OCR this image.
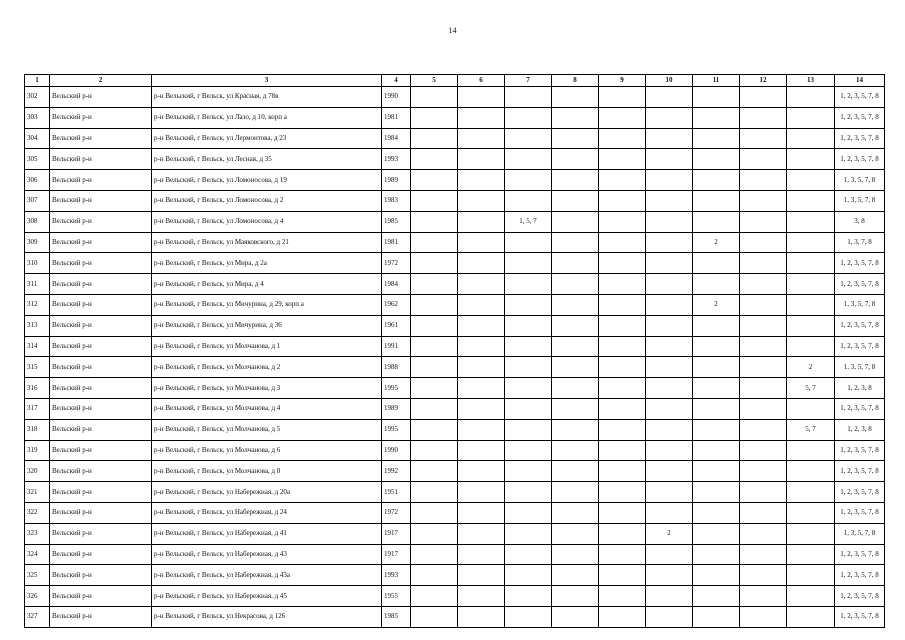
14
1	2	3	4	5	6	7	8	9	10	11	12	13	14
302	Вельский р-н	р-н Вельский, г Вельск, ул Красная, д 78в	1990										1, 2, 3, 5, 7, 8
303	Вельский р-н	р-н Вельский, г Вельск, ул Лазо, д 10, корп а	1981										1, 2, 3, 5, 7, 8
304	Вельский р-н	р-н Вельский, г Вельск, ул Лермонтова, д 23	1984										1, 2, 3, 5, 7, 8
305	Вельский р-н	р-н Вельский, г Вельск, ул Лесная, д 35	1993										1, 2, 3, 5, 7, 8
306	Вельский р-н	р-н Вельский, г Вельск, ул Ломоносова, д 19	1989										1, 3, 5, 7, 8
307	Вельский р-н	р-н Вельский, г Вельск, ул Ломоносова, д 2	1983										1, 3, 5, 7, 8
308	Вельский р-н	р-н Вельский, г Вельск, ул Ломоносова, д 4	1985			1, 5, 7							3, 8
309	Вельский р-н	р-н Вельский, г Вельск, ул Маяковского, д 21	1981							2			1, 3, 7, 8
310	Вельский р-н	р-н Вельский, г Вельск, ул Мира, д 2а	1972										1, 2, 3, 5, 7, 8
311	Вельский р-н	р-н Вельский, г Вельск, ул Мира, д 4	1984										1, 2, 3, 5, 7, 8
312	Вельский р-н	р-н Вельский, г Вельск, ул Мичурина, д 29, корп а	1962							2			1, 3, 5, 7, 8
313	Вельский р-н	р-н Вельский, г Вельск, ул Мичурина, д 36	1961										1, 2, 3, 5, 7, 8
314	Вельский р-н	р-н Вельский, г Вельск, ул Молчанова, д 1	1991										1, 2, 3, 5, 7, 8
315	Вельский р-н	р-н Вельский, г Вельск, ул Молчанова, д 2	1988									2	1, 3, 5, 7, 8
316	Вельский р-н	р-н Вельский, г Вельск, ул Молчанова, д 3	1995									5, 7	1, 2, 3, 8
317	Вельский р-н	р-н Вельский, г Вельск, ул Молчанова, д 4	1989										1, 2, 3, 5, 7, 8
318	Вельский р-н	р-н Вельский, г Вельск, ул Молчанова, д 5	1995									5, 7	1, 2, 3, 8
319	Вельский р-н	р-н Вельский, г Вельск, ул Молчанова, д 6	1990										1, 2, 3, 5, 7, 8
320	Вельский р-н	р-н Вельский, г Вельск, ул Молчанова, д 8	1992										1, 2, 3, 5, 7, 8
321	Вельский р-н	р-н Вельский, г Вельск, ул Набережная, д 20а	1951										1, 2, 3, 5, 7, 8
322	Вельский р-н	р-н Вельский, г Вельск, ул Набережная, д 24	1972										1, 2, 3, 5, 7, 8
323	Вельский р-н	р-н Вельский, г Вельск, ул Набережная, д 41	1917						2				1, 3, 5, 7, 8
324	Вельский р-н	р-н Вельский, г Вельск, ул Набережная, д 43	1917										1, 2, 3, 5, 7, 8
325	Вельский р-н	р-н Вельский, г Вельск, ул Набережная, д 43а	1993										1, 2, 3, 5, 7, 8
326	Вельский р-н	р-н Вельский, г Вельск, ул Набережная, д 45	1955										1, 2, 3, 5, 7, 8
327	Вельский р-н	р-н Вельский, г Вельск, ул Некрасова, д 126	1985										1, 2, 3, 5, 7, 8
